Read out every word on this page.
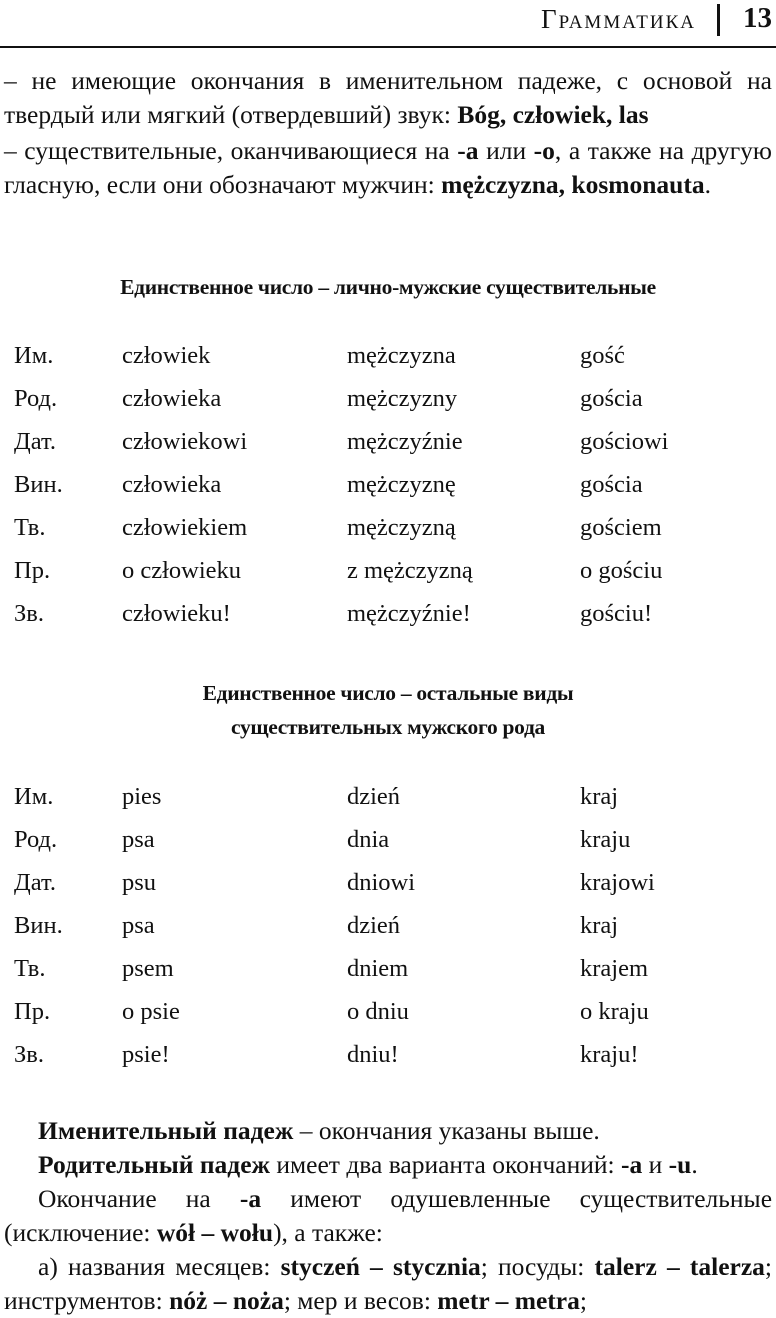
Грамматика 13

– не имеющие окончания в именительном падеже, с основой на твердый или мягкий (отвердевший) звук: Bóg, człowiek, las

– существительные, оканчивающиеся на -a или -o, а также на другую гласную, если они обозначают мужчин: mężczyzna, kosmonauta.

Единственное число – лично-мужские существительные
Им.	człowiek	mężczyzna	gość
Род.	człowieka	mężczyzny	gościa
Дат.	człowiekowi	mężczyźnie	gościowi
Вин.	człowieka	mężczyznę	gościa
Тв.	człowiekiem	mężczyzną	gościem
Пр.	o człowieku	z mężczyzną	o gościu
Зв.	człowieku!	mężczyźnie!	gościu!
Единственное число – остальные виды
существительных мужского рода
Им.	pies	dzień	kraj
Род.	psa	dnia	kraju
Дат.	psu	dniowi	krajowi
Вин.	psa	dzień	kraj
Тв.	psem	dniem	krajem
Пр.	o psie	o dniu	o kraju
Зв.	psie!	dniu!	kraju!

Именительный падеж – окончания указаны выше.

Родительный падеж имеет два варианта окончаний: -a и -u.

Окончание на -a имеют одушевленные существительные (исключение: wół – wołu), а также:

а) названия месяцев: styczeń – stycznia; посуды: talerz – talerza; инструментов: nóż – noża; мер и весов: metr – metra;
